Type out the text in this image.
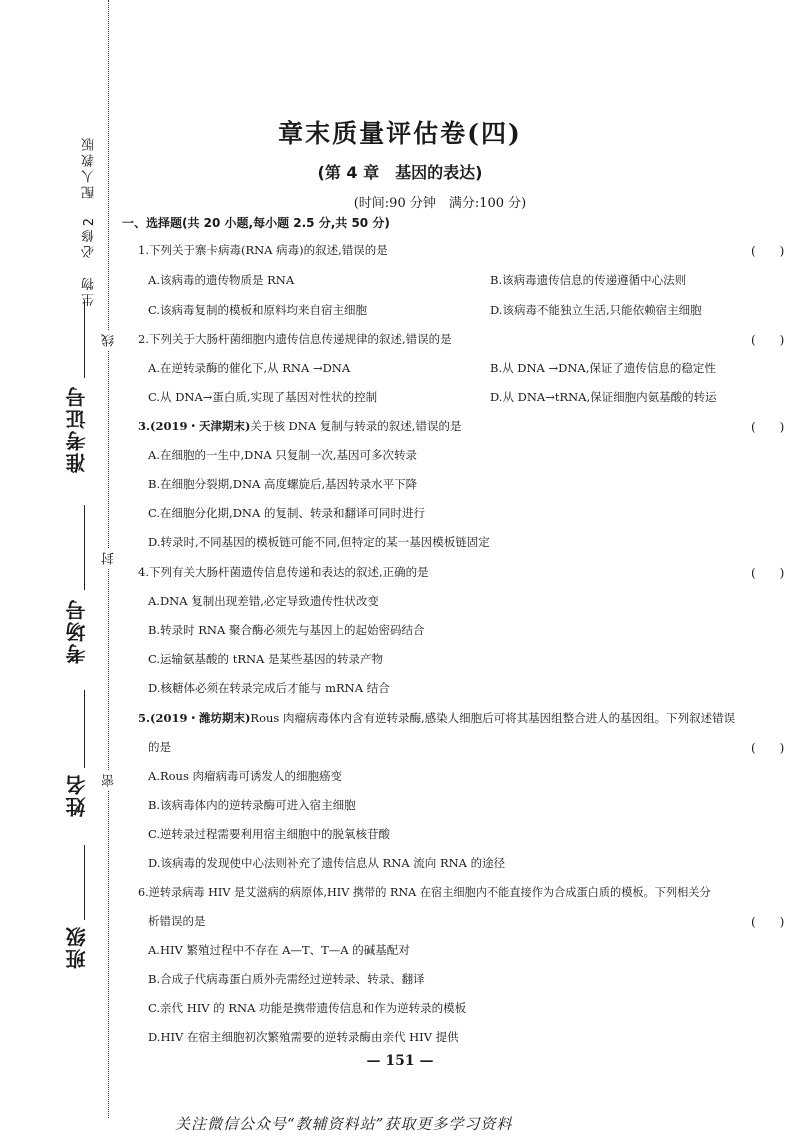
生物　必修2　配人教版
准考证号
考场号
姓名
班级
线
封
密
章末质量评估卷(四)
(第 4 章　基因的表达)
(时间:90 分钟　满分:100 分)
一、选择题(共 20 小题,每小题 2.5 分,共 50 分)
1.下列关于寨卡病毒(RNA 病毒)的叙述,错误的是	(　　)
A.该病毒的遗传物质是 RNA	B.该病毒遗传信息的传递遵循中心法则
C.该病毒复制的模板和原料均来自宿主细胞	D.该病毒不能独立生活,只能依赖宿主细胞
2.下列关于大肠杆菌细胞内遗传信息传递规律的叙述,错误的是	(　　)
A.在逆转录酶的催化下,从 RNA →DNA	B.从 DNA →DNA,保证了遗传信息的稳定性
C.从 DNA→蛋白质,实现了基因对性状的控制	D.从 DNA→tRNA,保证细胞内氨基酸的转运
3.(2019・天津期末)关于核 DNA 复制与转录的叙述,错误的是	(　　)
A.在细胞的一生中,DNA 只复制一次,基因可多次转录
B.在细胞分裂期,DNA 高度螺旋后,基因转录水平下降
C.在细胞分化期,DNA 的复制、转录和翻译可同时进行
D.转录时,不同基因的模板链可能不同,但特定的某一基因模板链固定
4.下列有关大肠杆菌遗传信息传递和表达的叙述,正确的是	(　　)
A.DNA 复制出现差错,必定导致遗传性状改变
B.转录时 RNA 聚合酶必须先与基因上的起始密码结合
C.运输氨基酸的 tRNA 是某些基因的转录产物
D.核糖体必须在转录完成后才能与 mRNA 结合
5.(2019・潍坊期末)Rous 肉瘤病毒体内含有逆转录酶,感染人细胞后可将其基因组整合进人的基因组。下列叙述错误
的是	(　　)
A.Rous 肉瘤病毒可诱发人的细胞癌变
B.该病毒体内的逆转录酶可进入宿主细胞
C.逆转录过程需要利用宿主细胞中的脱氧核苷酸
D.该病毒的发现使中心法则补充了遗传信息从 RNA 流向 RNA 的途径
6.逆转录病毒 HIV 是艾滋病的病原体,HIV 携带的 RNA 在宿主细胞内不能直接作为合成蛋白质的模板。下列相关分
析错误的是	(　　)
A.HIV 繁殖过程中不存在 A—T、T—A 的碱基配对
B.合成子代病毒蛋白质外壳需经过逆转录、转录、翻译
C.亲代 HIV 的 RNA 功能是携带遗传信息和作为逆转录的模板
D.HIV 在宿主细胞初次繁殖需要的逆转录酶由亲代 HIV 提供
— 151 —
关注微信公众号“教辅资料站”获取更多学习资料
